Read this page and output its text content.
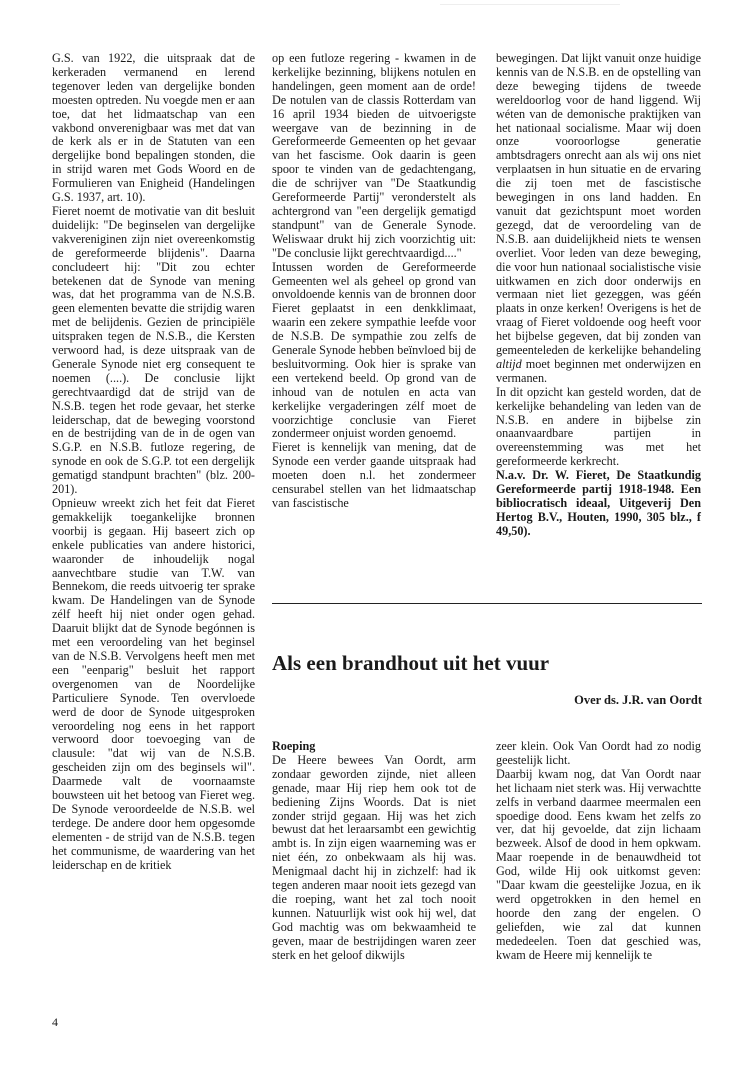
G.S. van 1922, die uitspraak dat de kerkeraden vermanend en lerend tegenover leden van dergelijke bonden moesten optreden. Nu voegde men er aan toe, dat het lidmaatschap van een vakbond onverenigbaar was met dat van de kerk als er in de Statuten van een dergelijke bond bepalingen stonden, die in strijd waren met Gods Woord en de Formulieren van Enigheid (Handelingen G.S. 1937, art. 10).

Fieret noemt de motivatie van dit besluit duidelijk: "De beginselen van dergelijke vakvereniginen zijn niet overeenkomstig de gereformeerde blijdenis". Daarna concludeert hij: "Dit zou echter betekenen dat de Synode van mening was, dat het programma van de N.S.B. geen elementen bevatte die strijdig waren met de belijdenis. Gezien de principiële uitspraken tegen de N.S.B., die Kersten verwoord had, is deze uitspraak van de Generale Synode niet erg consequent te noemen (....). De conclusie lijkt gerechtvaardigd dat de strijd van de N.S.B. tegen het rode gevaar, het sterke leiderschap, dat de beweging voorstond en de bestrijding van de in de ogen van S.G.P. en N.S.B. futloze regering, de synode en ook de S.G.P. tot een dergelijk gematigd standpunt brachten" (blz. 200-201).

Opnieuw wreekt zich het feit dat Fieret gemakkelijk toegankelijke bronnen voorbij is gegaan. Hij baseert zich op enkele publicaties van andere historici, waaronder de inhoudelijk nogal aanvechtbare studie van T.W. van Bennekom, die reeds uitvoerig ter sprake kwam. De Handelingen van de Synode zélf heeft hij niet onder ogen gehad. Daaruit blijkt dat de Synode begónnen is met een veroordeling van het beginsel van de N.S.B. Vervolgens heeft men met een "eenparig" besluit het rapport overgenomen van de Noordelijke Particuliere Synode. Ten overvloede werd de door de Synode uitgesproken veroordeling nog eens in het rapport verwoord door toevoeging van de clausule: "dat wij van de N.S.B. gescheiden zijn om des beginsels wil". Daarmede valt de voornaamste bouwsteen uit het betoog van Fieret weg. De Synode veroordeelde de N.S.B. wel terdege. De andere door hem opgesomde elementen - de strijd van de N.S.B. tegen het communisme, de waardering van het leiderschap en de kritiek

op een futloze regering - kwamen in de kerkelijke bezinning, blijkens notulen en handelingen, geen moment aan de orde! De notulen van de classis Rotterdam van 16 april 1934 bieden de uitvoerigste weergave van de bezinning in de Gereformeerde Gemeenten op het gevaar van het fascisme. Ook daarin is geen spoor te vinden van de gedachtengang, die de schrijver van "De Staatkundig Gereformeerde Partij" veronderstelt als achtergrond van "een dergelijk gematigd standpunt" van de Generale Synode. Weliswaar drukt hij zich voorzichtig uit: "De conclusie lijkt gerechtvaardigd...."

Intussen worden de Gereformeerde Gemeenten wel als geheel op grond van onvoldoende kennis van de bronnen door Fieret geplaatst in een denkklimaat, waarin een zekere sympathie leefde voor de N.S.B. De sympathie zou zelfs de Generale Synode hebben beïnvloed bij de besluitvorming. Ook hier is sprake van een vertekend beeld. Op grond van de inhoud van de notulen en acta van kerkelijke vergaderingen zélf moet de voorzichtige conclusie van Fieret zondermeer onjuist worden genoemd.

Fieret is kennelijk van mening, dat de Synode een verder gaande uitspraak had moeten doen n.l. het zondermeer censurabel stellen van het lidmaatschap van fascistische

bewegingen. Dat lijkt vanuit onze huidige kennis van de N.S.B. en de opstelling van deze beweging tijdens de tweede wereldoorlog voor de hand liggend. Wij wéten van de demonische praktijken van het nationaal socialisme. Maar wij doen onze vooroorlogse generatie ambtsdragers onrecht aan als wij ons niet verplaatsen in hun situatie en de ervaring die zij toen met de fascistische bewegingen in ons land hadden. En vanuit dat gezichtspunt moet worden gezegd, dat de veroordeling van de N.S.B. aan duidelijkheid niets te wensen overliet. Voor leden van deze beweging, die voor hun nationaal socialistische visie uitkwamen en zich door onderwijs en vermaan niet liet gezeggen, was géén plaats in onze kerken! Overigens is het de vraag of Fieret voldoende oog heeft voor het bijbelse gegeven, dat bij zonden van gemeenteleden de kerkelijke behandeling altijd moet beginnen met onderwijzen en vermanen.

In dit opzicht kan gesteld worden, dat de kerkelijke behandeling van leden van de N.S.B. en andere in bijbelse zin onaanvaardbare partijen in overeenstemming was met het gereformeerde kerkrecht.

N.a.v. Dr. W. Fieret, De Staatkundig Gereformeerde partij 1918-1948. Een bibliocratisch ideaal, Uitgeverij Den Hertog B.V., Houten, 1990, 305 blz., f 49,50).

Als een brandhout uit het vuur
Over ds. J.R. van Oordt

Roeping

De Heere bewees Van Oordt, arm zondaar geworden zijnde, niet alleen genade, maar Hij riep hem ook tot de bediening Zijns Woords. Dat is niet zonder strijd gegaan. Hij was het zich bewust dat het leraarsambt een gewichtig ambt is. In zijn eigen waarneming was er niet één, zo onbekwaam als hij was. Menigmaal dacht hij in zichzelf: had ik tegen anderen maar nooit iets gezegd van die roeping, want het zal toch nooit kunnen. Natuurlijk wist ook hij wel, dat God machtig was om bekwaamheid te geven, maar de bestrijdingen waren zeer sterk en het geloof dikwijls

zeer klein. Ook Van Oordt had zo nodig geestelijk licht.

Daarbij kwam nog, dat Van Oordt naar het lichaam niet sterk was. Hij verwachtte zelfs in verband daarmee meermalen een spoedige dood. Eens kwam het zelfs zo ver, dat hij gevoelde, dat zijn lichaam bezweek. Alsof de dood in hem opkwam. Maar roepende in de benauwdheid tot God, wilde Hij ook uitkomst geven: "Daar kwam die geestelijke Jozua, en ik werd opgetrokken in den hemel en hoorde den zang der engelen. O geliefden, wie zal dat kunnen mededeelen. Toen dat geschied was, kwam de Heere mij kennelijk te

4
